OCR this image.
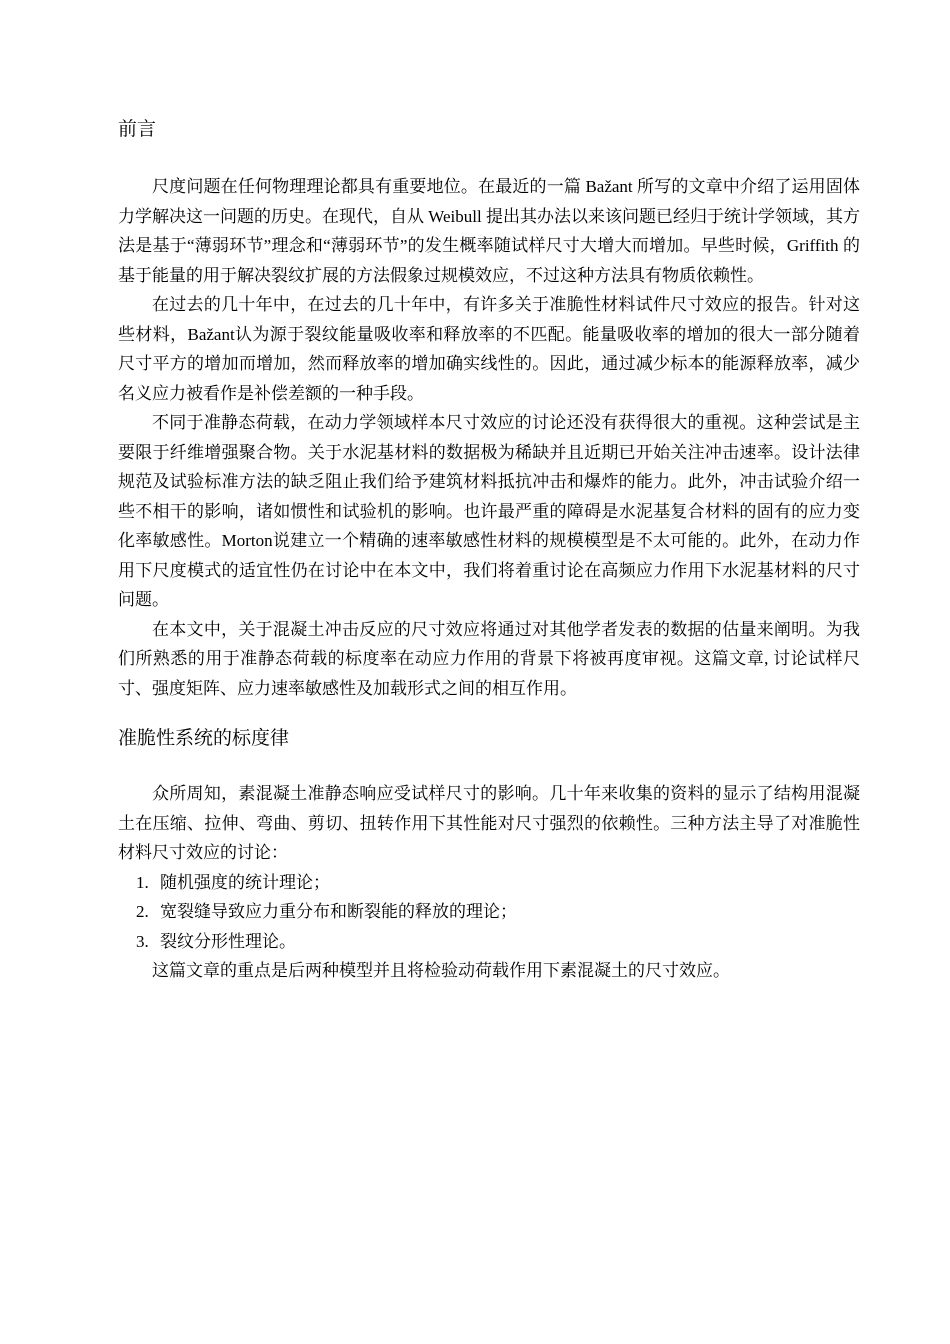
前言

尺度问题在任何物理理论都具有重要地位。在最近的一篇 Bažant 所写的文章中介绍了运用固体力学解决这一问题的历史。在现代，自从 Weibull 提出其办法以来该问题已经归于统计学领域，其方法是基于“薄弱环节”理念和“薄弱环节”的发生概率随试样尺寸大增大而增加。早些时候，Griffith 的基于能量的用于解决裂纹扩展的方法假象过规模效应，不过这种方法具有物质依赖性。

在过去的几十年中，在过去的几十年中，有许多关于准脆性材料试件尺寸效应的报告。针对这些材料，Bažant认为源于裂纹能量吸收率和释放率的不匹配。能量吸收率的增加的很大一部分随着尺寸平方的增加而增加，然而释放率的增加确实线性的。因此，通过减少标本的能源释放率，减少名义应力被看作是补偿差额的一种手段。

不同于准静态荷载，在动力学领域样本尺寸效应的讨论还没有获得很大的重视。这种尝试是主要限于纤维增强聚合物。关于水泥基材料的数据极为稀缺并且近期已开始关注冲击速率。设计法律规范及试验标准方法的缺乏阻止我们给予建筑材料抵抗冲击和爆炸的能力。此外，冲击试验介绍一些不相干的影响，诸如惯性和试验机的影响。也许最严重的障碍是水泥基复合材料的固有的应力变化率敏感性。Morton说建立一个精确的速率敏感性材料的规模模型是不太可能的。此外，在动力作用下尺度模式的适宜性仍在讨论中在本文中，我们将着重讨论在高频应力作用下水泥基材料的尺寸问题。

在本文中，关于混凝土冲击反应的尺寸效应将通过对其他学者发表的数据的估量来阐明。为我们所熟悉的用于准静态荷载的标度率在动应力作用的背景下将被再度审视。这篇文章, 讨论试样尺寸、强度矩阵、应力速率敏感性及加载形式之间的相互作用。

准脆性系统的标度律

众所周知，素混凝土准静态响应受试样尺寸的影响。几十年来收集的资料的显示了结构用混凝土在压缩、拉伸、弯曲、剪切、扭转作用下其性能对尺寸强烈的依赖性。三种方法主导了对准脆性材料尺寸效应的讨论：

1. 随机强度的统计理论；
2. 宽裂缝导致应力重分布和断裂能的释放的理论；
3. 裂纹分形性理论。

这篇文章的重点是后两种模型并且将检验动荷载作用下素混凝土的尺寸效应。
